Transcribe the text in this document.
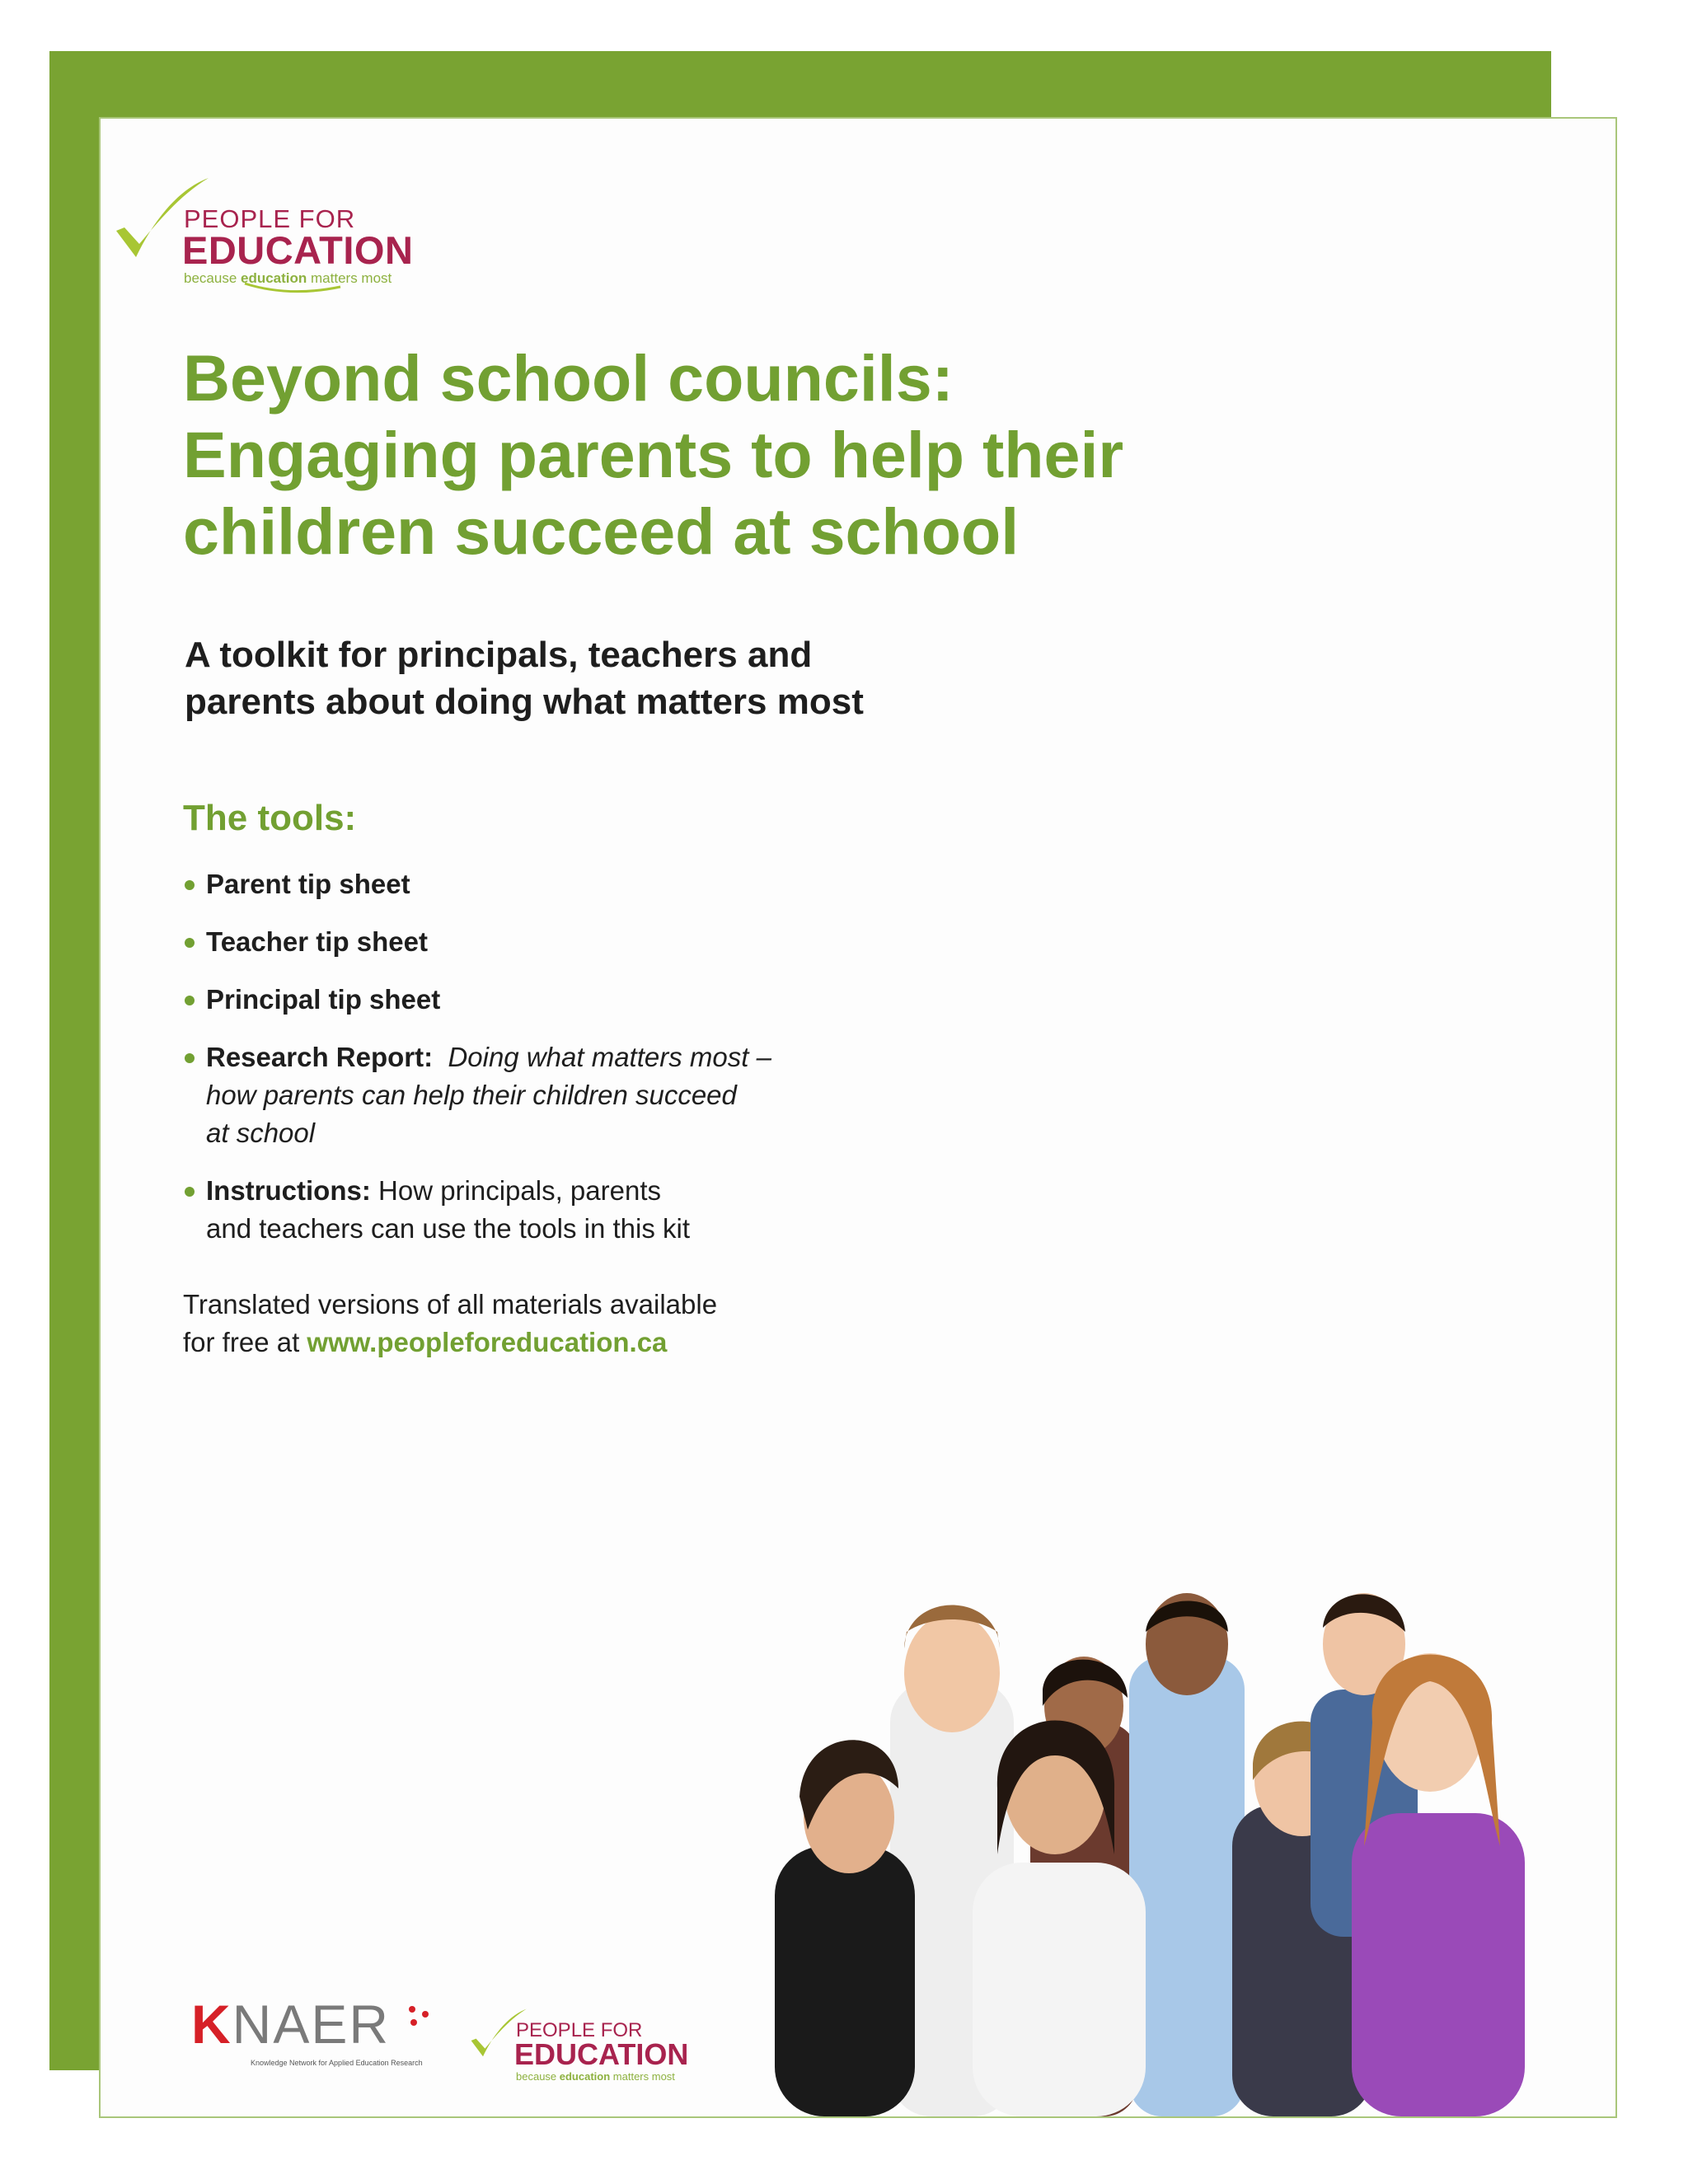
PEOPLE FOR
EDUCATION
because education matters most
Beyond school councils:
Engaging parents to help their
children succeed at school
A toolkit for principals, teachers and
parents about doing what matters most
The tools:
Parent tip sheet
Teacher tip sheet
Principal tip sheet
Research Report: Doing what matters most –
how parents can help their children succeed
at school
Instructions: How principals, parents
and teachers can use the tools in this kit
Translated versions of all materials available
for free at www.peopleforeducation.ca
KNAER
Knowledge Network for Applied Education Research
PEOPLE FOR
EDUCATION
because education matters most
